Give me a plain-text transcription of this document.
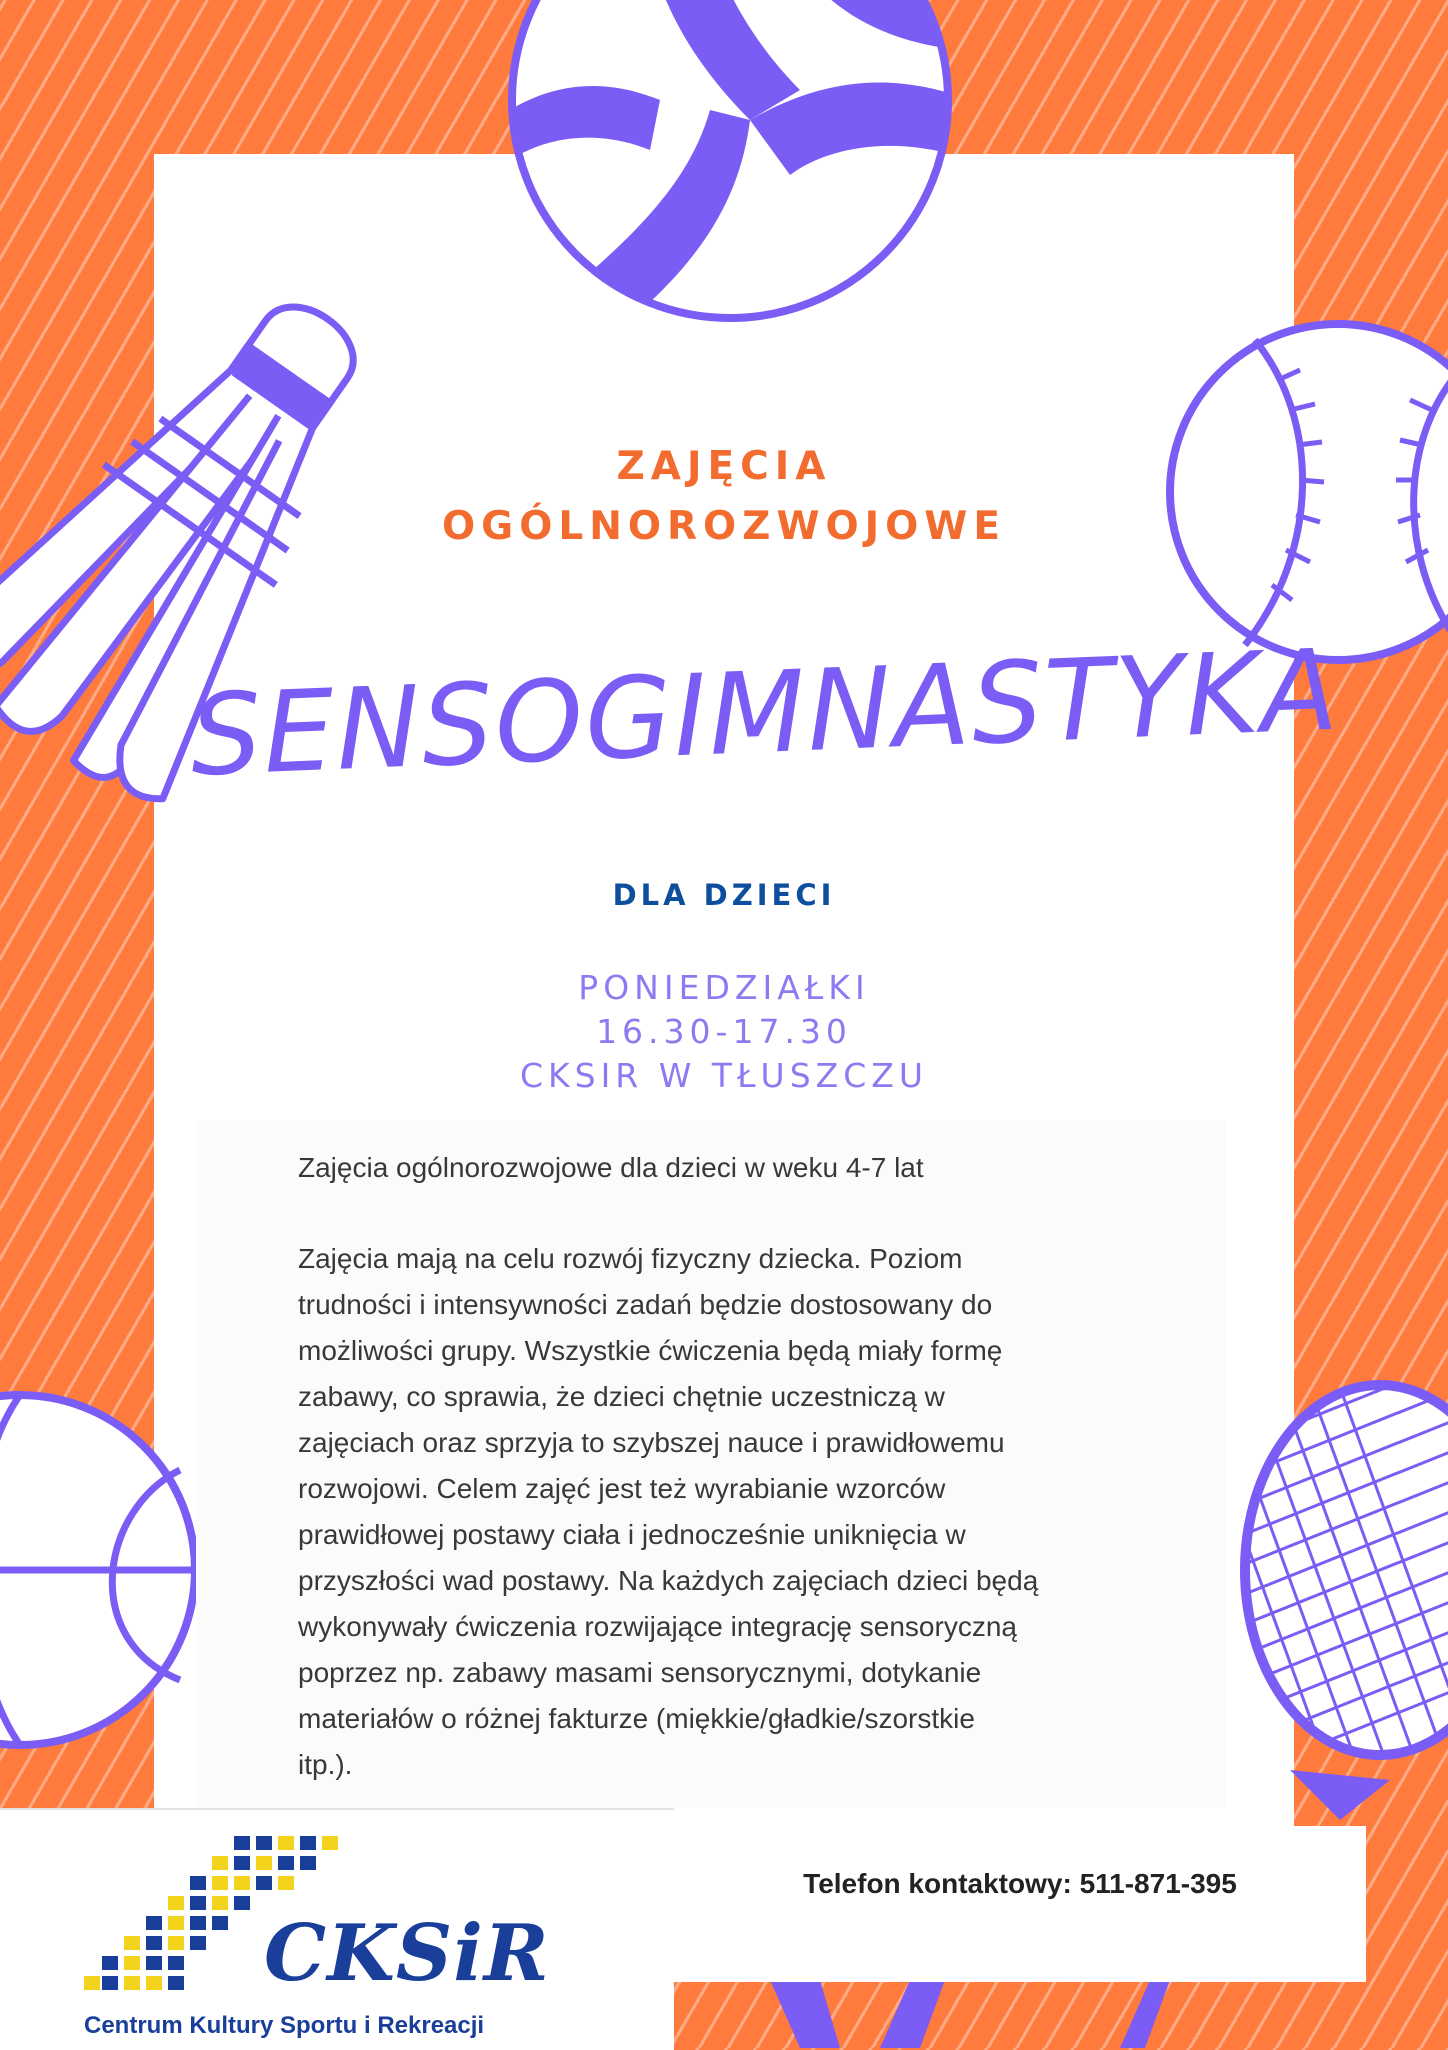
ZAJĘCIA
OGÓLNOROZWOJOWE
SENSOGIMNASTYKA
DLA DZIECI
PONIEDZIAŁKI
16.30-17.30
CKSIR W TŁUSZCZU
Zajęcia ogólnorozwojowe dla dzieci w weku 4-7 lat
Zajęcia mają na celu rozwój fizyczny dziecka. Poziom
trudności i intensywności zadań będzie dostosowany do
możliwości grupy. Wszystkie ćwiczenia będą miały formę
zabawy, co sprawia, że dzieci chętnie uczestniczą w
zajęciach oraz sprzyja to szybszej nauce i prawidłowemu
rozwojowi. Celem zajęć jest też wyrabianie wzorców
prawidłowej postawy ciała i jednocześnie uniknięcia w
przyszłości wad postawy. Na każdych zajęciach dzieci będą
wykonywały ćwiczenia rozwijające integrację sensoryczną
poprzez np. zabawy masami sensorycznymi, dotykanie
materiałów o różnej fakturze (miękkie/gładkie/szorstkie
itp.).
Telefon kontaktowy: 511-871-395
CKSiR
Centrum Kultury Sportu i Rekreacji
